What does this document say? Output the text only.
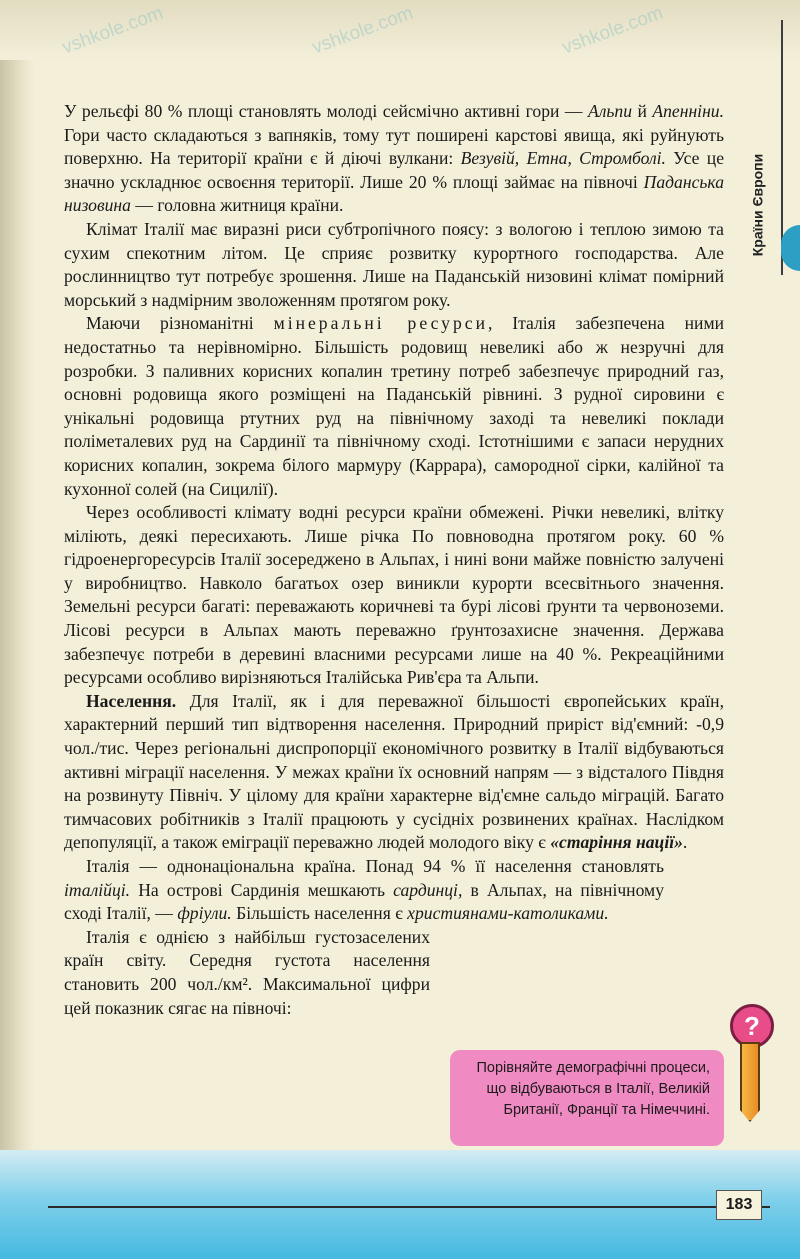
vshkole.com	vshkole.com	vshkole.com
Країни Європи

У рельєфі 80 % площі становлять молоді сейсмічно активні гори — Альпи й Апенніни. Гори часто складаються з вапняків, тому тут поширені карстові явища, які руйнують поверхню. На території країни є й діючі вулкани: Везувій, Етна, Стромболі. Усе це значно ускладнює освоєння території. Лише 20 % площі займає на півночі Паданська низовина — головна житниця країни.

Клімат Італії має виразні риси субтропічного поясу: з вологою і теплою зимою та сухим спекотним літом. Це сприяє розвитку курортного господарства. Але рослинництво тут потребує зрошення. Лише на Паданській низовині клімат помірний морський з надмірним зволоженням протягом року.

Маючи різноманітні мінеральні ресурси, Італія забезпечена ними недостатньо та нерівномірно. Більшість родовищ невеликі або ж незручні для розробки. З паливних корисних копалин третину потреб забезпечує природний газ, основні родовища якого розміщені на Паданській рівнині. З рудної сировини є унікальні родовища ртутних руд на північному заході та невеликі поклади поліметалевих руд на Сардинії та північному сході. Істотнішими є запаси нерудних корисних копалин, зокрема білого мармуру (Каррара), самородної сірки, калійної та кухонної солей (на Сицилії).

Через особливості клімату водні ресурси країни обмежені. Річки невеликі, влітку міліють, деякі пересихають. Лише річка По повноводна протягом року. 60 % гідроенергоресурсів Італії зосереджено в Альпах, і нині вони майже повністю залучені у виробництво. Навколо багатьох озер виникли курорти всесвітнього значення. Земельні ресурси багаті: переважають коричневі та бурі лісові ґрунти та червоноземи. Лісові ресурси в Альпах мають переважно ґрунтозахисне значення. Держава забезпечує потреби в деревині власними ресурсами лише на 40 %. Рекреаційними ресурсами особливо вирізняються Італійська Рив'єра та Альпи.

Населення. Для Італії, як і для переважної більшості європейських країн, характерний перший тип відтворення населення. Природний приріст від'ємний: -0,9 чол./тис. Через регіональні диспропорції економічного розвитку в Італії відбуваються активні міграції населення. У межах країни їх основний напрям — з відсталого Півдня на розвинуту Північ. У цілому для країни характерне від'ємне сальдо міграцій. Багато тимчасових робітників з Італії працюють у сусідніх розвинених країнах. Наслідком депопуляції, а також еміграції переважно людей молодого віку є «старіння нації».

Італія — однонаціональна країна. Понад 94 % її населення становлять італійці. На острові Сардинія мешкають сардинці, в Альпах, на північному сході Італії, — фріули. Більшість населення є християнами-католиками.

Італія є однією з найбільш густозаселених країн світу. Середня густота населення становить 200 чол./км². Максимальної цифри цей показник сягає на півночі:

?
Порівняйте демографічні процеси, що відбуваються в Італії, Великій Британії, Франції та Німеччині.
183
